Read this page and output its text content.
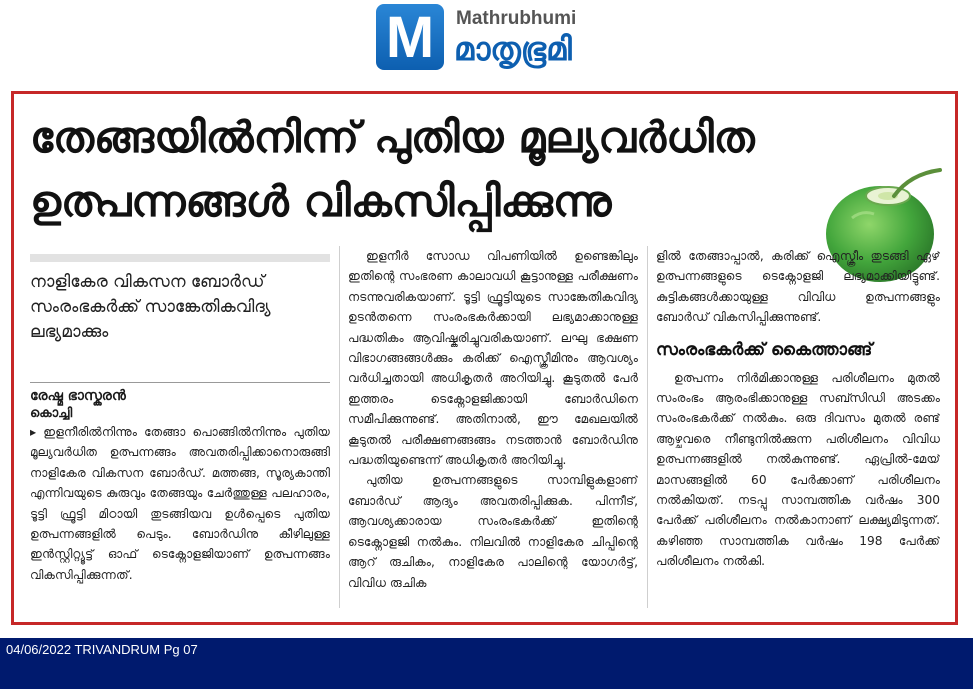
M	Mathrubhumi
മാതൃഭൂമി
തേങ്ങയിൽനിന്ന് പുതിയ മൂല്യവർധിത ഉത്പന്നങ്ങൾ വികസിപ്പിക്കുന്നു

നാളികേര വികസന ബോർഡ് സംരംഭകർക്ക് സാങ്കേതികവിദ്യ ലഭ്യമാക്കും

രേഷ്മ ഭാസ്കരൻ
കൊച്ചി

▸ ഇളനീരിൽനിന്നും തേങ്ങാ പൊങ്ങിൽനിന്നും പുതിയ മൂല്യവർധിത ഉത്പന്നങ്ങം അവതരിപ്പിക്കാനൊരുങ്ങി നാളികേര വികസന ബോർഡ്. മത്തങ്ങ, സൂര്യകാന്തി എന്നിവയുടെ കുരുവും തേങ്ങയും ചേർത്തുള്ള പലഹാരം, ടൂട്ടി ഫ്രൂട്ടി മിഠായി തുടങ്ങിയവ ഉൾപ്പെടെ പുതിയ ഉത്പന്നങ്ങളിൽ പെടും. ബോർഡിനു കീഴിലുള്ള ഇൻസ്റ്റിറ്റ്യൂട്ട് ഓഫ് ടെക്നോളജിയാണ് ഉത്പന്നങ്ങം വികസിപ്പിക്കുന്നത്.

ഇളനീർ സോഡ വിപണിയിൽ ഉണ്ടെങ്കിലും ഇതിന്റെ സംഭരണ കാലാവധി കൂട്ടാനുള്ള പരീക്ഷണം നടന്നുവരികയാണ്. ടൂട്ടി ഫ്രൂട്ടിയുടെ സാങ്കേതികവിദ്യ ഉടൻതന്നെ സംരംഭകർക്കായി ലഭ്യമാക്കാനുള്ള പദ്ധതികം ആവിഷ്കരിച്ചുവരികയാണ്. ലഘു ഭക്ഷണ വിഭാഗങ്ങങ്ങൾക്കും കരിക്ക് ഐസ്ക്രീമിനും ആവശ്യം വർധിച്ചതായി അധികൃതർ അറിയിച്ചു. കൂടുതൽ പേർ ഇത്തരം ടെക്നോളജിക്കായി ബോർഡിനെ സമീപിക്കുന്നുണ്ട്. അതിനാൽ, ഈ മേഖലയിൽ കൂടുതൽ പരീക്ഷണങ്ങങ്ങം നടത്താൻ ബോർഡിനു പദ്ധതിയുണ്ടെന്ന് അധികൃതർ അറിയിച്ചു.

പുതിയ ഉത്പന്നങ്ങളുടെ സാമ്പിളുകളാണ് ബോർഡ് ആദ്യം അവതരിപ്പിക്കുക. പിന്നീട്, ആവശ്യക്കാരായ സംരംഭകർക്ക് ഇതിന്റെ ടെക്നോളജി നൽകും. നിലവിൽ നാളികേര ചിപ്പിന്റെ ആറ് രുചികം, നാളികേര പാലിന്റെ യോഗർട്ട്, വിവിധ രുചിക

ളിൽ തേങ്ങാപ്പാൽ, കരിക്ക് ഐസ്ക്രീം തുടങ്ങി ഏഴ് ഉത്പന്നങ്ങളുടെ ടെക്നോളജി ലഭ്യമാക്കിയിട്ടുണ്ട്. കുട്ടികങ്ങൾക്കായുള്ള വിവിധ ഉത്പന്നങ്ങളും ബോർഡ് വികസിപ്പിക്കുന്നുണ്ട്.

സംരംഭകർക്ക് കൈത്താങ്ങ്

ഉത്പന്നം നിർമിക്കാനുള്ള പരിശീലനം മുതൽ സംരംഭം ആരംഭിക്കാനുള്ള സബ്സിഡി അടക്കം സംരംഭകർക്ക് നൽകും. ഒരു ദിവസം മുതൽ രണ്ട് ആഴ്ചവരെ നീണ്ടുനിൽക്കുന്ന പരിശീലനം വിവിധ ഉത്പന്നങ്ങളിൽ നൽകുന്നുണ്ട്. ഏപ്രിൽ-മേയ് മാസങ്ങളിൽ 60 പേർക്കാണ് പരിശീലനം നൽകിയത്. നടപ്പു സാമ്പത്തിക വർഷം 300 പേർക്ക് പരിശീലനം നൽകാനാണ് ലക്ഷ്യമിടുന്നത്. കഴിഞ്ഞ സാമ്പത്തിക വർഷം 198 പേർക്ക് പരിശീലനം നൽകി.

04/06/2022 TRIVANDRUM Pg 07
